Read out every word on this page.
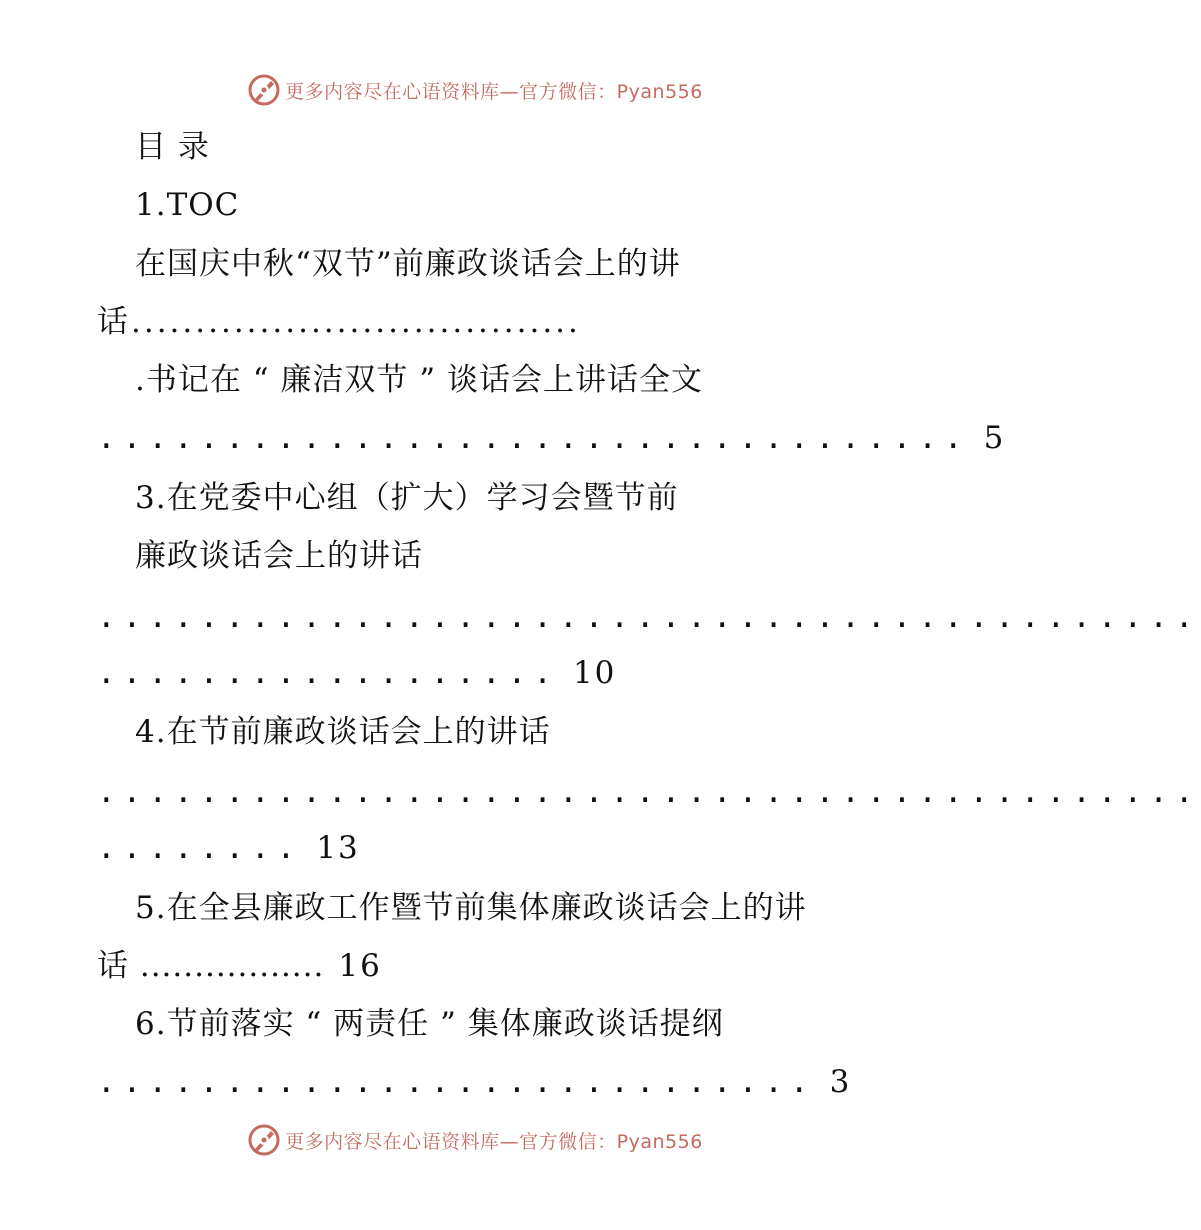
更多内容尽在心语资料库—官方微信：Pyan556
目 录
1.TOC
在国庆中秋“双节”前廉政谈话会上的讲
话...................................
.书记在 “ 廉洁双节 ” 谈话会上讲话全文
.................................. 5
3.在党委中心组（扩大）学习会暨节前
廉政谈话会上的讲话
...........................................
.................. 10
4.在节前廉政谈话会上的讲话
...........................................
........ 13
5.在全县廉政工作暨节前集体廉政谈话会上的讲
话 ................. 16
6.节前落实 “ 两责任 ” 集体廉政谈话提纲
............................ 3
更多内容尽在心语资料库—官方微信：Pyan556
